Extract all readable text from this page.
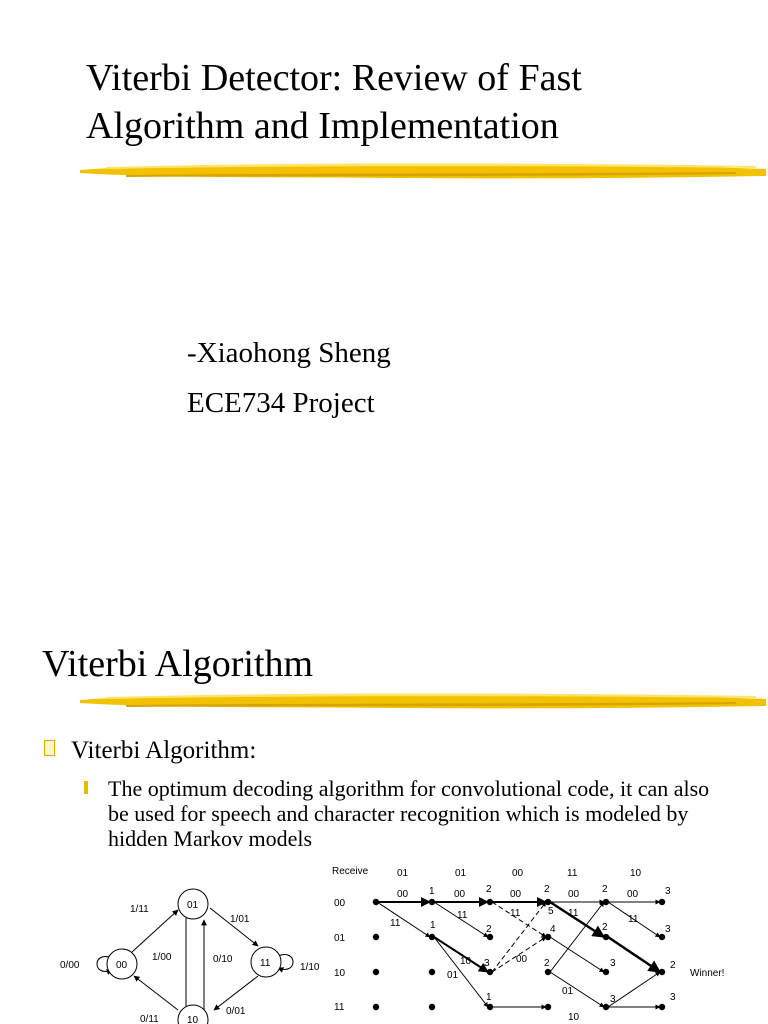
Viterbi Detector: Review of Fast
Algorithm and Implementation
-Xiaohong Sheng
ECE734 Project
Viterbi Algorithm
Viterbi Algorithm:
The optimum decoding algorithm for convolutional code, it can also be used for speech and character recognition which is modeled by hidden Markov models
00
01
11
10
1/11
1/01
0/00
1/00	0/10
1/10
0/11
0/01
Receive	01	01	00	11	10
00
01
10
11
00
11
00
11
00
11
00
11
00
01
10	00
11
01
10
1
1
2
2
3
2
5
4
2
2
2
3
1	3
3
3
2
3
Winner!
